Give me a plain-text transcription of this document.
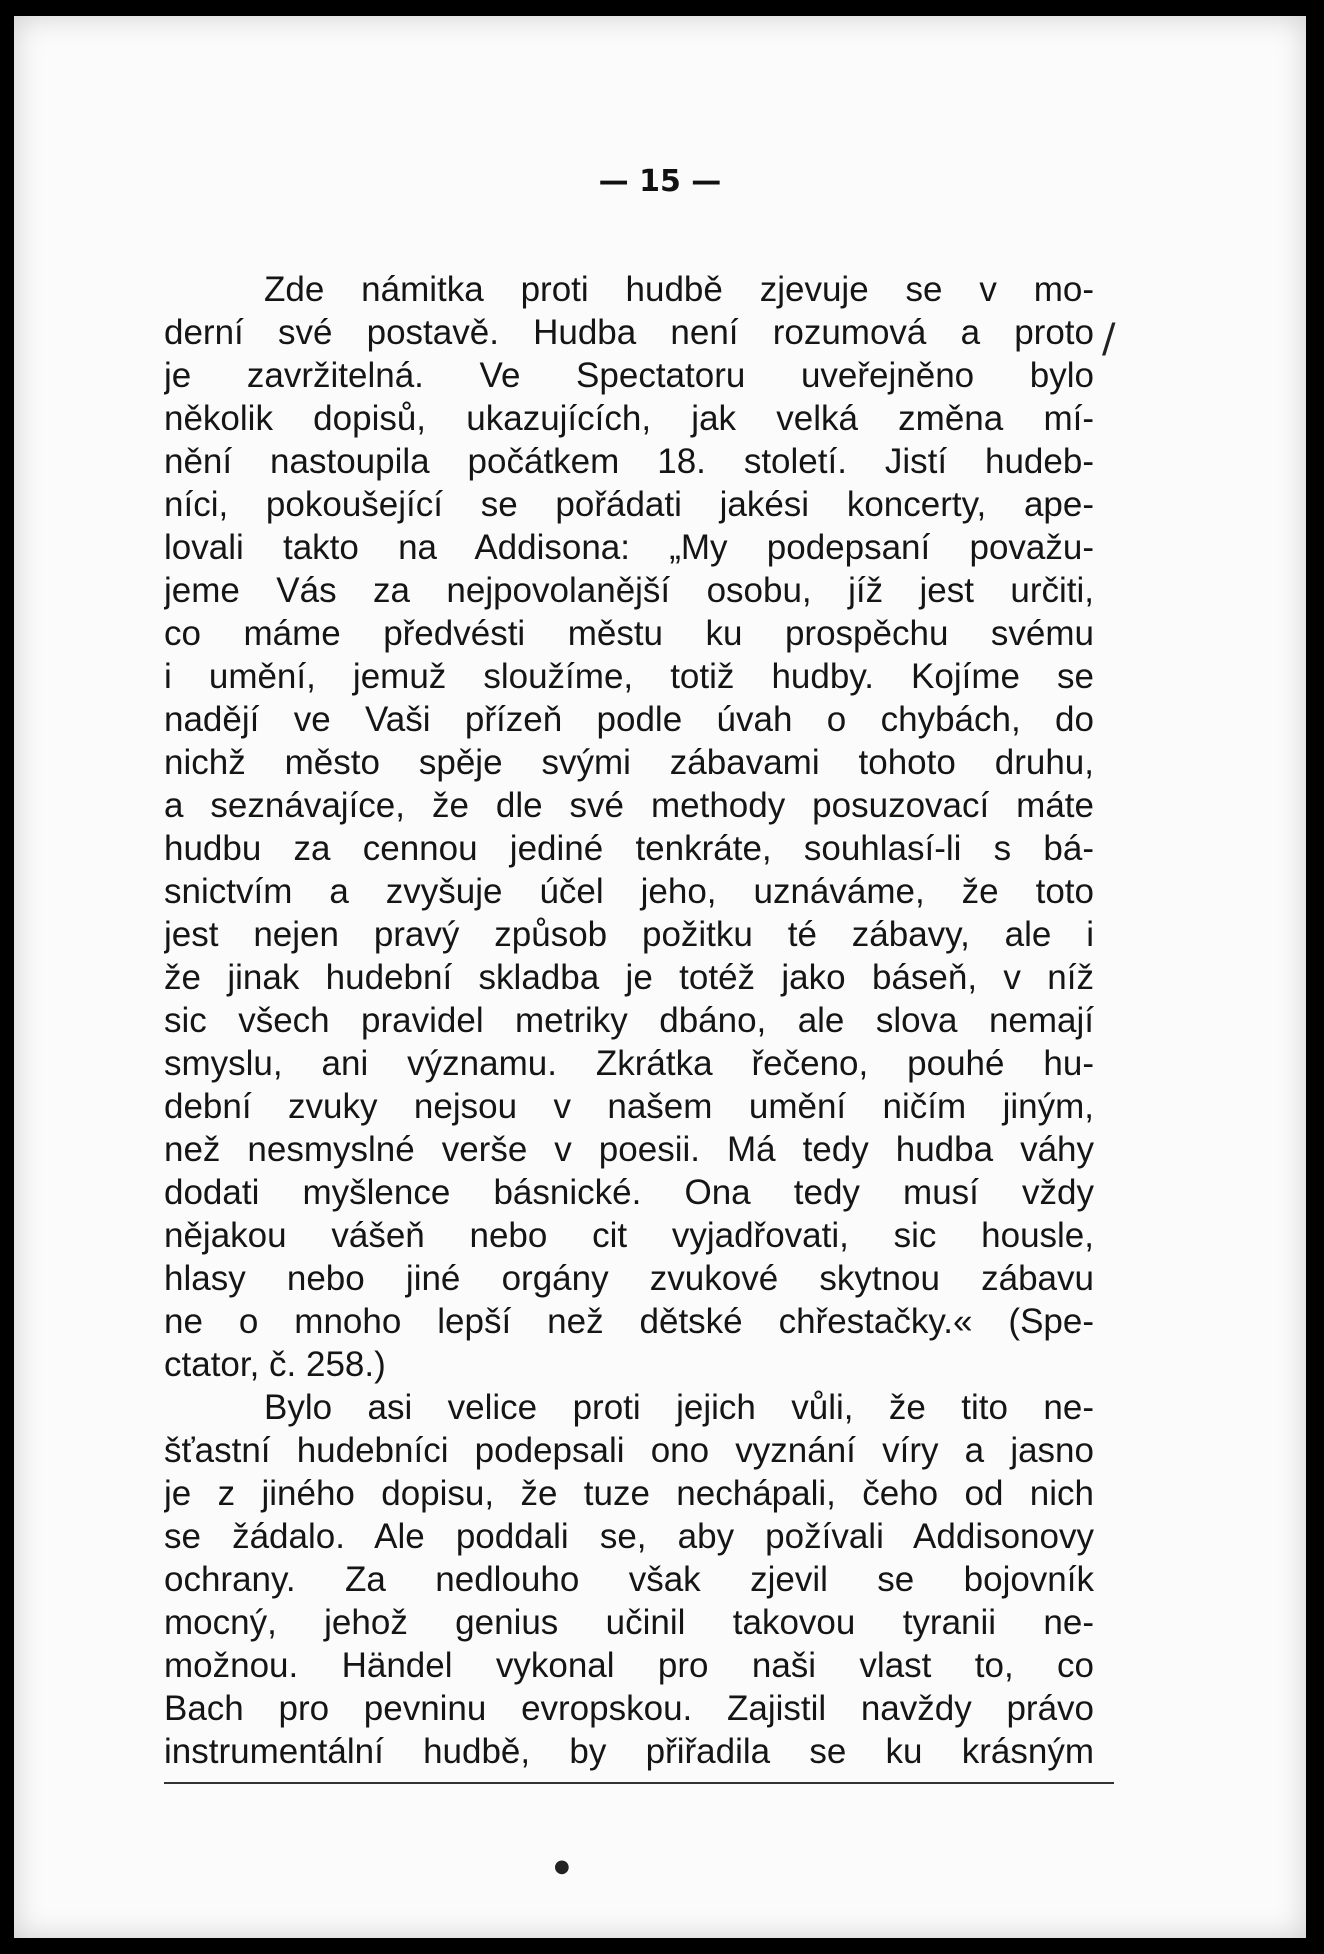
— 15 —
Zde námitka proti hudbě zjevuje se v mo-
derní své postavě. Hudba není rozumová a proto
je zavržitelná. Ve Spectatoru uveřejněno bylo
několik dopisů, ukazujících, jak velká změna mí-
nění nastoupila počátkem 18. století. Jistí hudeb-
níci, pokoušející se pořádati jakési koncerty, ape-
lovali takto na Addisona: „My podepsaní považu-
jeme Vás za nejpovolanější osobu, jíž jest určiti,
co máme předvésti městu ku prospěchu svému
i umění, jemuž sloužíme, totiž hudby. Kojíme se
nadějí ve Vaši přízeň podle úvah o chybách, do
nichž město spěje svými zábavami tohoto druhu,
a seznávajíce, že dle své methody posuzovací máte
hudbu za cennou jediné tenkráte, souhlasí-li s bá-
snictvím a zvyšuje účel jeho, uznáváme, že toto
jest nejen pravý způsob požitku té zábavy, ale i
že jinak hudební skladba je totéž jako báseň, v níž
sic všech pravidel metriky dbáno, ale slova nemají
smyslu, ani významu. Zkrátka řečeno, pouhé hu-
dební zvuky nejsou v našem umění ničím jiným,
než nesmyslné verše v poesii. Má tedy hudba váhy
dodati myšlence básnické. Ona tedy musí vždy
nějakou vášeň nebo cit vyjadřovati, sic housle,
hlasy nebo jiné orgány zvukové skytnou zábavu
ne o mnoho lepší než dětské chřestačky.« (Spe-
ctator, č. 258.)
Bylo asi velice proti jejich vůli, že tito ne-
šťastní hudebníci podepsali ono vyznání víry a jasno
je z jiného dopisu, že tuze nechápali, čeho od nich
se žádalo. Ale poddali se, aby požívali Addisonovy
ochrany. Za nedlouho však zjevil se bojovník
mocný, jehož genius učinil takovou tyranii ne-
možnou. Händel vykonal pro naši vlast to, co
Bach pro pevninu evropskou. Zajistil navždy právo
instrumentální hudbě, by přiřadila se ku krásným
/
●
